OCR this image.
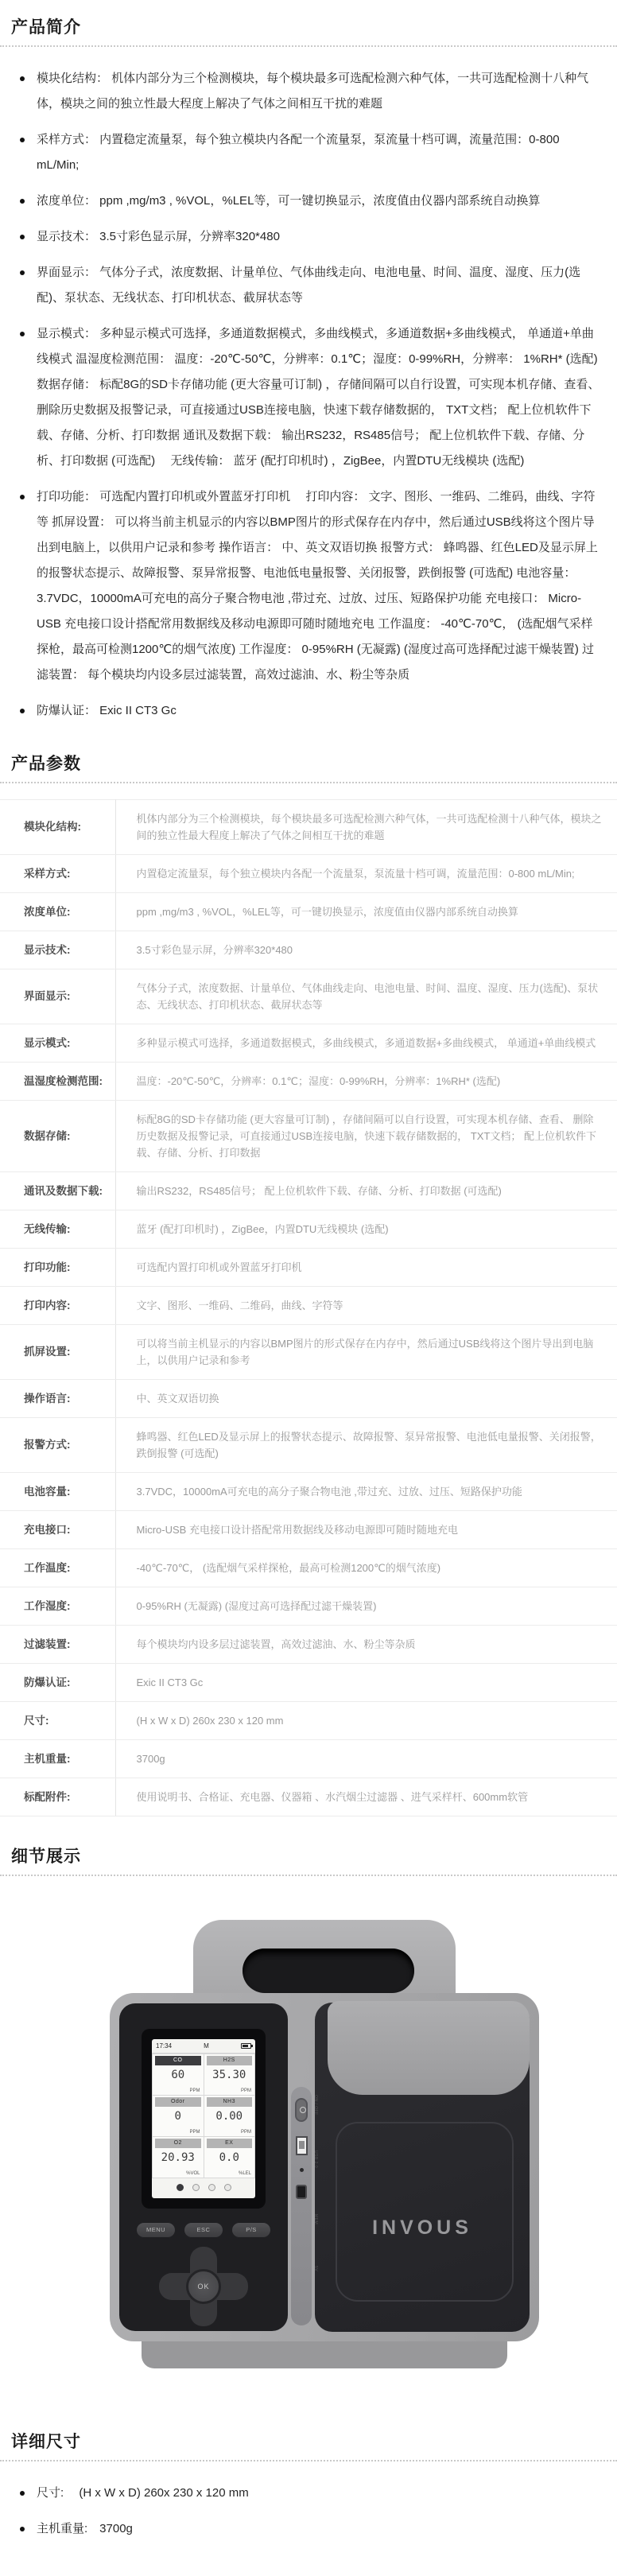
产品简介
模块化结构： 机体内部分为三个检测模块，每个模块最多可选配检测六种气体，一共可选配检测十八种气体，模块之间的独立性最大程度上解决了气体之间相互干扰的难题
采样方式： 内置稳定流量泵，每个独立模块内各配一个流量泵，泵流量十档可调，流量范围：0-800 mL/Min;
浓度单位： ppm ,mg/m3 , %VOL，%LEL等，可一键切换显示，浓度值由仪器内部系统自动换算
显示技术： 3.5寸彩色显示屏，分辨率320*480
界面显示： 气体分子式，浓度数据、计量单位、气体曲线走向、电池电量、时间、温度、湿度、压力(选配)、泵状态、无线状态、打印机状态、截屏状态等
显示模式： 多种显示模式可选择，多通道数据模式，多曲线模式，多通道数据+多曲线模式， 单通道+单曲线模式 温湿度检测范围： 温度：-20℃-50℃，分辨率：0.1℃；湿度：0-99%RH，分辨率： 1%RH* (选配)　 数据存储： 标配8G的SD卡存储功能 (更大容量可订制) ，存储间隔可以自行设置，可实现本机存储、查看、 删除历史数据及报警记录，可直接通过USB连接电脑，快速下载存储数据的， TXT文档； 配上位机软件下载、存储、分析、打印数据 通讯及数据下载： 输出RS232，RS485信号； 配上位机软件下载、存储、分析、打印数据 (可选配)　 无线传输： 蓝牙 (配打印机时) ，ZigBee，内置DTU无线模块 (选配)
打印功能： 可选配内置打印机或外置蓝牙打印机　 打印内容： 文字、图形、一维码、二维码，曲线、字符等 抓屏设置： 可以将当前主机显示的内容以BMP图片的形式保存在内存中，然后通过USB线将这个图片导出到电脑上，以供用户记录和参考 操作语言： 中、英文双语切换 报警方式： 蜂鸣器、红色LED及显示屏上的报警状态提示、故障报警、泵异常报警、电池低电量报警、关闭报警，跌倒报警 (可选配) 电池容量： 3.7VDC，10000mA可充电的高分子聚合物电池 ,带过充、过放、过压、短路保护功能 充电接口： Micro-USB 充电接口设计搭配常用数据线及移动电源即可随时随地充电 工作温度： -40℃-70℃， (选配烟气采样探枪，最高可检测1200℃的烟气浓度) 工作湿度： 0-95%RH (无凝露) (湿度过高可选择配过滤干燥装置) 过滤装置： 每个模块均内设多层过滤装置，高效过滤油、水、粉尘等杂质
防爆认证： Exic II CT3 Gc
产品参数
模块化结构:	机体内部分为三个检测模块，每个模块最多可选配检测六种气体，一共可选配检测十八种气体，模块之间的独立性最大程度上解决了气体之间相互干扰的难题
采样方式:	内置稳定流量泵，每个独立模块内各配一个流量泵，泵流量十档可调，流量范围：0-800 mL/Min;
浓度单位:	ppm ,mg/m3 , %VOL，%LEL等，可一键切换显示，浓度值由仪器内部系统自动换算
显示技术:	3.5寸彩色显示屏，分辨率320*480
界面显示:	气体分子式，浓度数据、计量单位、气体曲线走向、电池电量、时间、温度、湿度、压力(选配)、泵状态、无线状态、打印机状态、截屏状态等
显示模式:	多种显示模式可选择，多通道数据模式，多曲线模式，多通道数据+多曲线模式， 单通道+单曲线模式
温湿度检测范围:	温度：-20℃-50℃，分辨率：0.1℃；湿度：0-99%RH，分辨率：1%RH* (选配)
数据存储:	标配8G的SD卡存储功能 (更大容量可订制) ，存储间隔可以自行设置，可实现本机存储、查看、 删除历史数据及报警记录，可直接通过USB连接电脑，快速下载存储数据的， TXT文档； 配上位机软件下载、存储、分析、打印数据
通讯及数据下载:	输出RS232，RS485信号； 配上位机软件下载、存储、分析、打印数据 (可选配)
无线传输:	蓝牙 (配打印机时) ，ZigBee，内置DTU无线模块 (选配)
打印功能:	可选配内置打印机或外置蓝牙打印机
打印内容:	文字、图形、一维码、二维码，曲线、字符等
抓屏设置:	可以将当前主机显示的内容以BMP图片的形式保存在内存中，然后通过USB线将这个图片导出到电脑上，以供用户记录和参考
操作语言:	中、英文双语切换
报警方式:	蜂鸣器、红色LED及显示屏上的报警状态提示、故障报警、泵异常报警、电池低电量报警、关闭报警，跌倒报警 (可选配)
电池容量:	3.7VDC，10000mA可充电的高分子聚合物电池 ,带过充、过放、过压、短路保护功能
充电接口:	Micro-USB 充电接口设计搭配常用数据线及移动电源即可随时随地充电
工作温度:	-40℃-70℃， (选配烟气采样探枪，最高可检测1200℃的烟气浓度)
工作湿度:	0-95%RH (无凝露) (湿度过高可选择配过滤干燥装置)
过滤装置:	每个模块均内设多层过滤装置，高效过滤油、水、粉尘等杂质
防爆认证:	Exic II CT3 Gc
尺寸:	(H x W x D) 260x 230 x 120 mm
主机重量:	3700g
标配附件:	使用说明书、合格证、充电器、仪器箱 、水汽烟尘过滤器 、进气采样杆、600mm软管
细节展示
INVOUS
17:34	M
CO
60
PPM
H2S
35.30
PPM
Odor
0
PPM
NH3
0.00
PPM
O2
20.93
%VOL
EX
0.0
%LEL
MENU	ESC	P/S
OK
ON / OFF
USB 2.0
MEM
5V
详细尺寸
尺寸:　 (H x W x D) 260x 230 x 120 mm
主机重量:　3700g
